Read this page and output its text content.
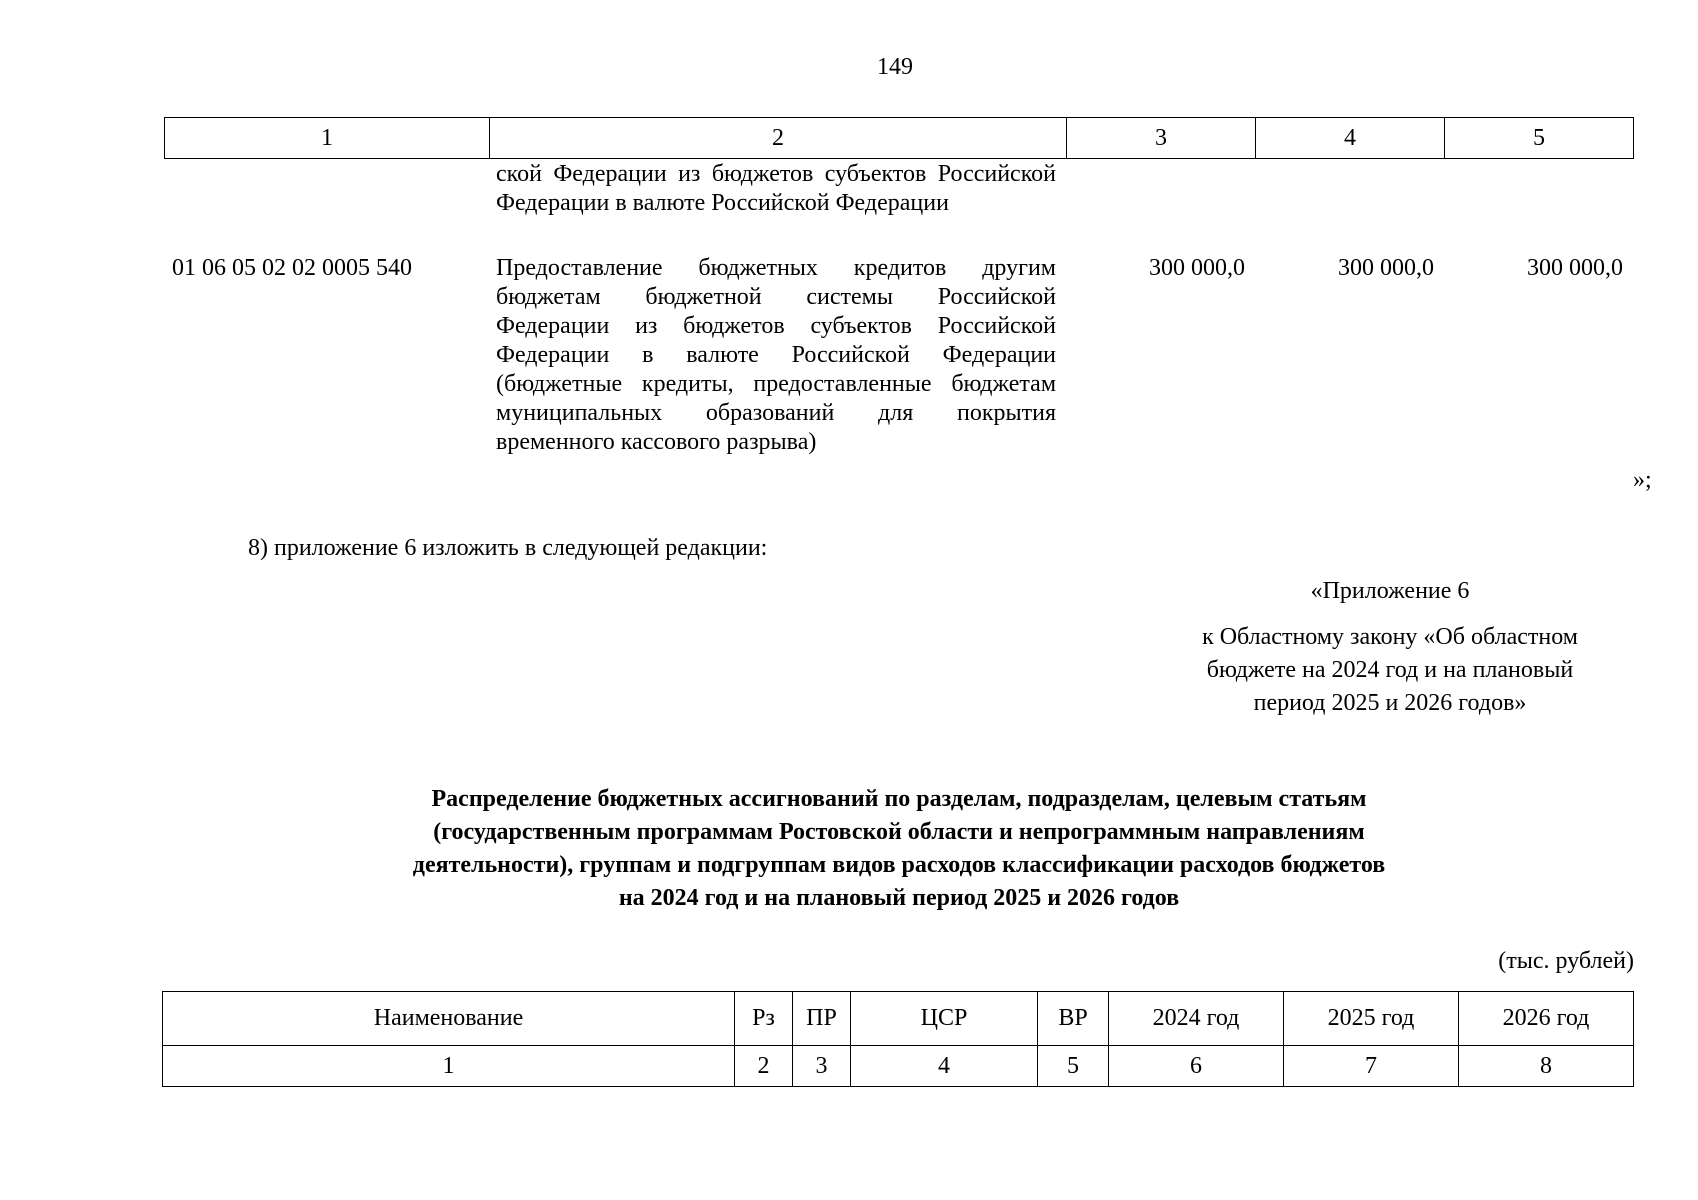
149
1	2	3	4	5
	ской Федерации из бюджетов субъектов Российской Федерации в валюте Российской Федерации			

01 06 05 02 02 0005 540	Предоставление бюджетных кредитов другим бюджетам бюджетной системы Российской Федерации из бюджетов субъектов Российской Федерации в валюте Российской Федерации (бюджетные кредиты, предоставленные бюджетам муниципальных образований для покрытия временного кассового разрыва)	300 000,0	300 000,0	300 000,0
»;
8) приложение 6 изложить в следующей редакции:
«Приложение 6
к Областному закону «Об областном
бюджете на 2024 год и на плановый
период 2025 и 2026 годов»
Распределение бюджетных ассигнований по разделам, подразделам, целевым статьям
(государственным программам Ростовской области и непрограммным направлениям
деятельности), группам и подгруппам видов расходов классификации расходов бюджетов
на 2024 год и на плановый период 2025 и 2026 годов
(тыс. рублей)
Наименование	Рз	ПР	ЦСР	ВР	2024 год	2025 год	2026 год
1	2	3	4	5	6	7	8
